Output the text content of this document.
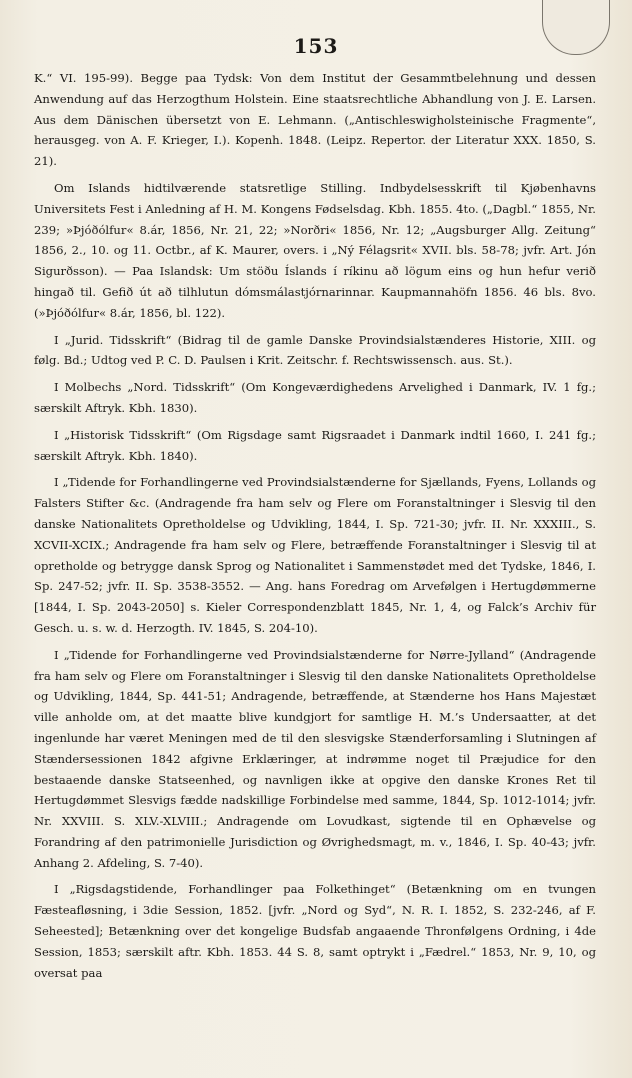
153

K.“ VI. 195-99). Begge paa Tydsk: Von dem Institut der Gesammtbelehnung und dessen Anwendung auf das Herzogthum Holstein. Eine staatsrechtliche Abhandlung von J. E. Larsen. Aus dem Dänischen übersetzt von E. Lehmann. („Antischleswigholsteinische Fragmente“, herausgeg. von A. F. Krieger, I.). Kopenh. 1848. (Leipz. Repertor. der Literatur XXX. 1850, S. 21).

Om Islands hidtilværende statsretlige Stilling. Indbydelsesskrift til Kjøbenhavns Universitets Fest i Anledning af H. M. Kongens Fødselsdag. Kbh. 1855. 4to. („Dagbl.“ 1855, Nr. 239; »Þjóðólfur« 8.ár, 1856, Nr. 21, 22; »Norðri« 1856, Nr. 12; „Augsburger Allg. Zeitung“ 1856, 2., 10. og 11. Octbr., af K. Maurer, overs. i „Ný Félagsrit« XVII. bls. 58-78; jvfr. Art. Jón Sigurðsson). — Paa Islandsk: Um stöðu Íslands í ríkinu að lögum eins og hun hefur verið hingað til. Gefið út að tilhlutun dómsmálastjórnarinnar. Kaupmannahöfn 1856. 46 bls. 8vo. (»Þjóðólfur« 8.ár, 1856, bl. 122).

I „Jurid. Tidsskrift“ (Bidrag til de gamle Danske Provindsialstænderes Historie, XIII. og følg. Bd.; Udtog ved P. C. D. Paulsen i Krit. Zeitschr. f. Rechtswissensch. aus. St.).

I Molbechs „Nord. Tidsskrift“ (Om Kongeværdighedens Arvelighed i Danmark, IV. 1 fg.; særskilt Aftryk. Kbh. 1830).

I „Historisk Tidsskrift“ (Om Rigsdage samt Rigsraadet i Danmark indtil 1660, I. 241 fg.; særskilt Aftryk. Kbh. 1840).

I „Tidende for Forhandlingerne ved Provindsialstænderne for Sjællands, Fyens, Lollands og Falsters Stifter &c. (Andragende fra ham selv og Flere om Foranstaltninger i Slesvig til den danske Nationalitets Opretholdelse og Udvikling, 1844, I. Sp. 721-30; jvfr. II. Nr. XXXIII., S. XCVII-XCIX.; Andragende fra ham selv og Flere, betræffende Foranstaltninger i Slesvig til at opretholde og betrygge dansk Sprog og Nationalitet i Sammenstødet med det Tydske, 1846, I. Sp. 247-52; jvfr. II. Sp. 3538-3552. — Ang. hans Foredrag om Arvefølgen i Hertugdømmerne [1844, I. Sp. 2043-2050] s. Kieler Correspondenzblatt 1845, Nr. 1, 4, og Falck’s Archiv für Gesch. u. s. w. d. Herzogth. IV. 1845, S. 204-10).

I „Tidende for Forhandlingerne ved Provindsialstænderne for Nørre-Jylland“ (Andragende fra ham selv og Flere om Foranstaltninger i Slesvig til den danske Nationalitets Opretholdelse og Udvikling, 1844, Sp. 441-51; Andragende, betræffende, at Stænderne hos Hans Majestæt ville anholde om, at det maatte blive kundgjort for samtlige H. M.’s Undersaatter, at det ingenlunde har været Meningen med de til den slesvigske Stænderforsamling i Slutningen af Stændersessionen 1842 afgivne Erklæringer, at indrømme noget til Præjudice for den bestaaende danske Statseenhed, og navnligen ikke at opgive den danske Krones Ret til Hertugdømmet Slesvigs fædde nadskillige Forbindelse med samme, 1844, Sp. 1012-1014; jvfr. Nr. XXVIII. S. XLV.-XLVIII.; Andragende om Lovudkast, sigtende til en Ophævelse og Forandring af den patrimonielle Jurisdiction og Øvrighedsmagt, m. v., 1846, I. Sp. 40-43; jvfr. Anhang 2. Afdeling, S. 7-40).

I „Rigsdagstidende, Forhandlinger paa Folkethinget“ (Betænkning om en tvungen Fæsteafløsning, i 3die Session, 1852. [jvfr. „Nord og Syd“, N. R. I. 1852, S. 232-246, af F. Seheested]; Betænkning over det kongelige Budsfab angaaende Thronfølgens Ordning, i 4de Session, 1853; særskilt aftr. Kbh. 1853. 44 S. 8, samt optrykt i „Fædrel.“ 1853, Nr. 9, 10, og oversat paa
